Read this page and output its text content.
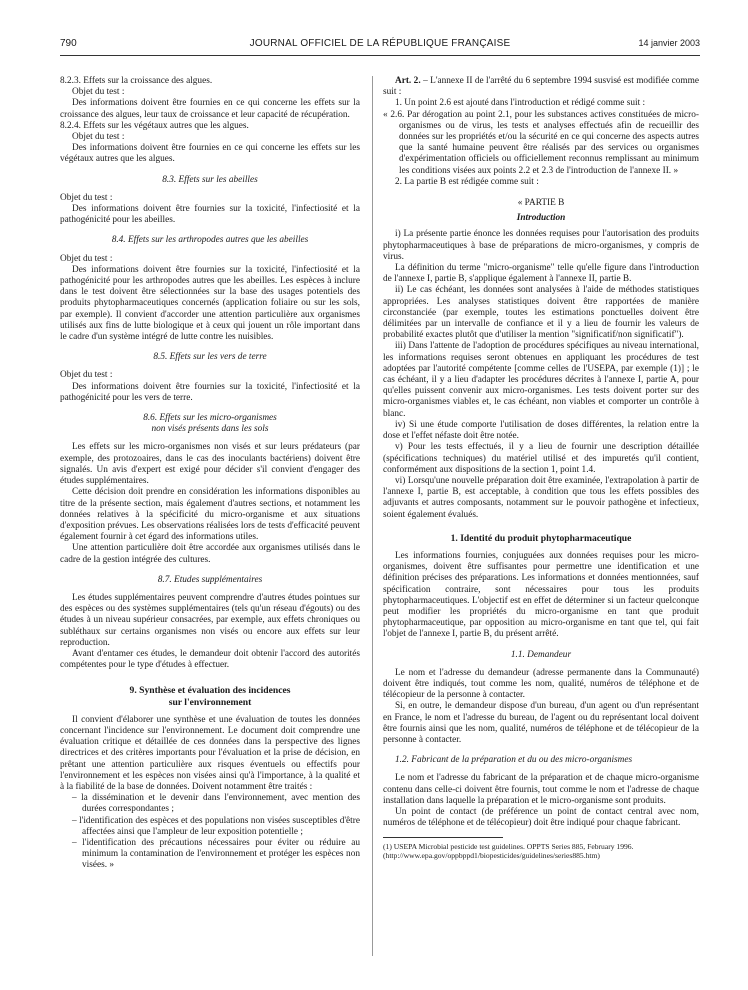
790	JOURNAL OFFICIEL DE LA RÉPUBLIQUE FRANÇAISE	14 janvier 2003

8.2.3. Effets sur la croissance des algues.

Objet du test :

Des informations doivent être fournies en ce qui concerne les effets sur la croissance des algues, leur taux de croissance et leur capacité de récupération.

8.2.4. Effets sur les végétaux autres que les algues.

Objet du test :

Des informations doivent être fournies en ce qui concerne les effets sur les végétaux autres que les algues.

8.3. Effets sur les abeilles

Objet du test :

Des informations doivent être fournies sur la toxicité, l'infectiosité et la pathogénicité pour les abeilles.

8.4. Effets sur les arthropodes autres que les abeilles

Objet du test :

Des informations doivent être fournies sur la toxicité, l'infectiosité et la pathogénicité pour les arthropodes autres que les abeilles. Les espèces à inclure dans le test doivent être sélectionnées sur la base des usages potentiels des produits phytopharmaceutiques concernés (application foliaire ou sur les sols, par exemple). Il convient d'accorder une attention particulière aux organismes utilisés aux fins de lutte biologique et à ceux qui jouent un rôle important dans le cadre d'un système intégré de lutte contre les nuisibles.

8.5. Effets sur les vers de terre

Objet du test :

Des informations doivent être fournies sur la toxicité, l'infectiosité et la pathogénicité pour les vers de terre.

8.6. Effets sur les micro-organismes

non visés présents dans les sols

Les effets sur les micro-organismes non visés et sur leurs prédateurs (par exemple, des protozoaires, dans le cas des inoculants bactériens) doivent être signalés. Un avis d'expert est exigé pour décider s'il convient d'engager des études supplémentaires.

Cette décision doit prendre en considération les informations disponibles au titre de la présente section, mais également d'autres sections, et notamment les données relatives à la spécificité du micro-organisme et aux situations d'exposition prévues. Les observations réalisées lors de tests d'efficacité peuvent également fournir à cet égard des informations utiles.

Une attention particulière doit être accordée aux organismes utilisés dans le cadre de la gestion intégrée des cultures.

8.7. Etudes supplémentaires

Les études supplémentaires peuvent comprendre d'autres études pointues sur des espèces ou des systèmes supplémentaires (tels qu'un réseau d'égouts) ou des études à un niveau supérieur consacrées, par exemple, aux effets chroniques ou subléthaux sur certains organismes non visés ou encore aux effets sur leur reproduction.

Avant d'entamer ces études, le demandeur doit obtenir l'accord des autorités compétentes pour le type d'études à effectuer.

9. Synthèse et évaluation des incidences

sur l'environnement

Il convient d'élaborer une synthèse et une évaluation de toutes les données concernant l'incidence sur l'environnement. Le document doit comprendre une évaluation critique et détaillée de ces données dans la perspective des lignes directrices et des critères importants pour l'évaluation et la prise de décision, en prêtant une attention particulière aux risques éventuels ou effectifs pour l'environnement et les espèces non visées ainsi qu'à l'importance, à la qualité et à la fiabilité de la base de données. Doivent notamment être traités :

– la dissémination et le devenir dans l'environnement, avec mention des durées correspondantes ;
– l'identification des espèces et des populations non visées susceptibles d'être affectées ainsi que l'ampleur de leur exposition potentielle ;
– l'identification des précautions nécessaires pour éviter ou réduire au minimum la contamination de l'environnement et protéger les espèces non visées. »

Art. 2. – L'annexe II de l'arrêté du 6 septembre 1994 susvisé est modifiée comme suit :

1. Un point 2.6 est ajouté dans l'introduction et rédigé comme suit :

« 2.6. Par dérogation au point 2.1, pour les substances actives constituées de micro-organismes ou de virus, les tests et analyses effectués afin de recueillir des données sur les propriétés et/ou la sécurité en ce qui concerne des aspects autres que la santé humaine peuvent être réalisés par des services ou organismes d'expérimentation officiels ou officiellement reconnus remplissant au minimum les conditions visées aux points 2.2 et 2.3 de l'introduction de l'annexe II. »

2. La partie B est rédigée comme suit :

« PARTIE B

Introduction

i) La présente partie énonce les données requises pour l'autorisation des produits phytopharmaceutiques à base de préparations de micro-organismes, y compris de virus.

La définition du terme "micro-organisme" telle qu'elle figure dans l'introduction de l'annexe I, partie B, s'applique également à l'annexe II, partie B.

ii) Le cas échéant, les données sont analysées à l'aide de méthodes statistiques appropriées. Les analyses statistiques doivent être rapportées de manière circonstanciée (par exemple, toutes les estimations ponctuelles doivent être délimitées par un intervalle de confiance et il y a lieu de fournir les valeurs de probabilité exactes plutôt que d'utiliser la mention "significatif/non significatif").

iii) Dans l'attente de l'adoption de procédures spécifiques au niveau international, les informations requises seront obtenues en appliquant les procédures de test adoptées par l'autorité compétente [comme celles de l'USEPA, par exemple (1)] ; le cas échéant, il y a lieu d'adapter les procédures décrites à l'annexe I, partie A, pour qu'elles puissent convenir aux micro-organismes. Les tests doivent porter sur des micro-organismes viables et, le cas échéant, non viables et comporter un contrôle à blanc.

iv) Si une étude comporte l'utilisation de doses différentes, la relation entre la dose et l'effet néfaste doit être notée.

v) Pour les tests effectués, il y a lieu de fournir une description détaillée (spécifications techniques) du matériel utilisé et des impuretés qu'il contient, conformément aux dispositions de la section 1, point 1.4.

vi) Lorsqu'une nouvelle préparation doit être examinée, l'extrapolation à partir de l'annexe I, partie B, est acceptable, à condition que tous les effets possibles des adjuvants et autres composants, notamment sur le pouvoir pathogène et infectieux, soient également évalués.

1. Identité du produit phytopharmaceutique

Les informations fournies, conjuguées aux données requises pour les micro-organismes, doivent être suffisantes pour permettre une identification et une définition précises des préparations. Les informations et données mentionnées, sauf spécification contraire, sont nécessaires pour tous les produits phytopharmaceutiques. L'objectif est en effet de déterminer si un facteur quelconque peut modifier les propriétés du micro-organisme en tant que produit phytopharmaceutique, par opposition au micro-organisme en tant que tel, qui fait l'objet de l'annexe I, partie B, du présent arrêté.

1.1. Demandeur

Le nom et l'adresse du demandeur (adresse permanente dans la Communauté) doivent être indiqués, tout comme les nom, qualité, numéros de téléphone et de télécopieur de la personne à contacter.

Si, en outre, le demandeur dispose d'un bureau, d'un agent ou d'un représentant en France, le nom et l'adresse du bureau, de l'agent ou du représentant local doivent être fournis ainsi que les nom, qualité, numéros de téléphone et de télécopieur de la personne à contacter.

1.2. Fabricant de la préparation et du ou des micro-organismes

Le nom et l'adresse du fabricant de la préparation et de chaque micro-organisme contenu dans celle-ci doivent être fournis, tout comme le nom et l'adresse de chaque installation dans laquelle la préparation et le micro-organisme sont produits.

Un point de contact (de préférence un point de contact central avec nom, numéros de téléphone et de télécopieur) doit être indiqué pour chaque fabricant.

(1) USEPA Microbial pesticide test guidelines. OPPTS Series 885, February 1996.

(http://www.epa.gov/oppbppd1/biopesticides/guidelines/series885.htm)
